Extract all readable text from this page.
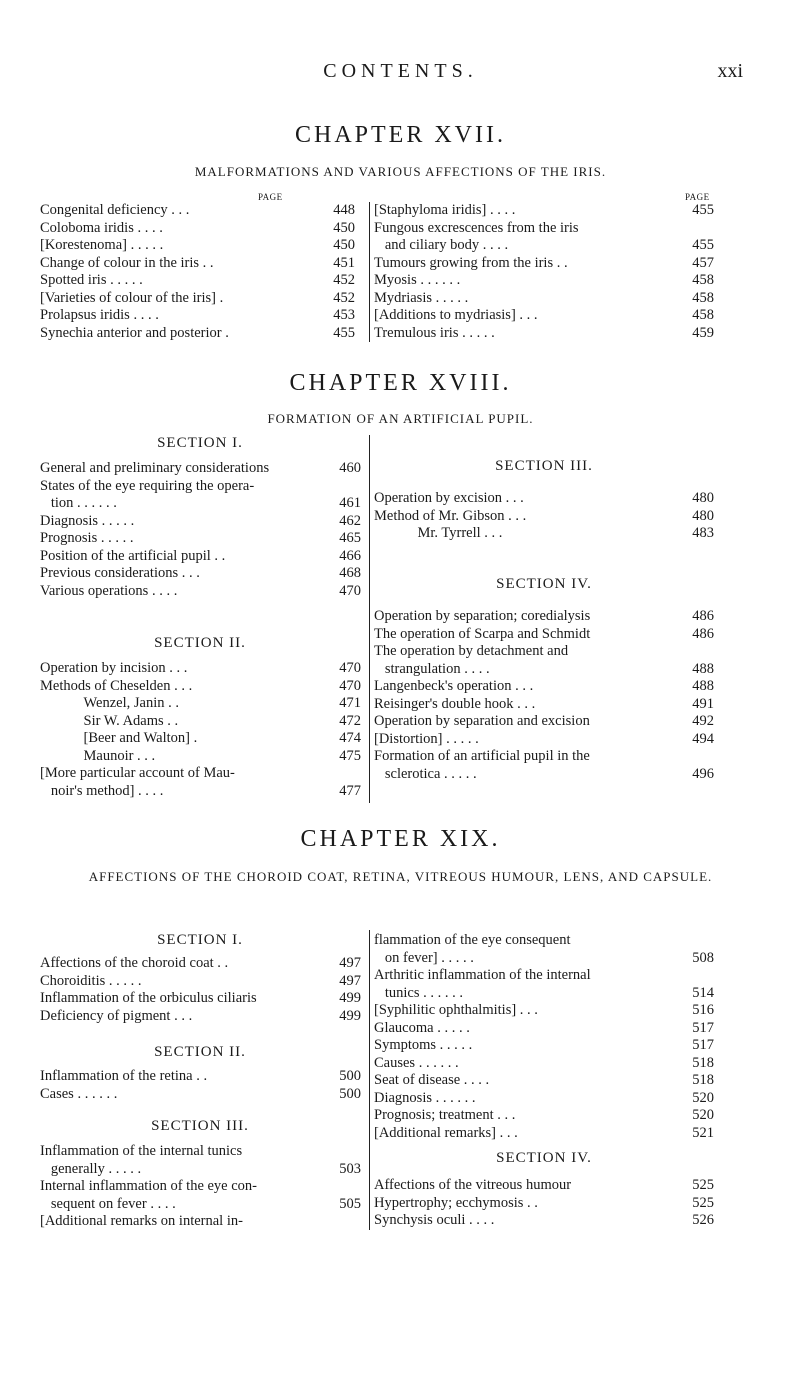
CONTENTS.	xxi
CHAPTER XVII.
MALFORMATIONS AND VARIOUS AFFECTIONS OF THE IRIS.
PAGE	PAGE
Congenital deficiency . . .	448
Coloboma iridis . . . .	450
[Korestenoma] . . . . .	450
Change of colour in the iris . .	451
Spotted iris . . . . .	452
[Varieties of colour of the iris] .	452
Prolapsus iridis . . . .	453
Synechia anterior and posterior .	455
[Staphyloma iridis] . . . .	455
Fungous excrescences from the iris
and ciliary body . . . .	455
Tumours growing from the iris . .	457
Myosis . . . . . .	458
Mydriasis . . . . .	458
[Additions to mydriasis] . . .	458
Tremulous iris . . . . .	459
CHAPTER XVIII.
FORMATION OF AN ARTIFICIAL PUPIL.
SECTION I.
General and preliminary considerations	460
States of the eye requiring the opera-
tion . . . . . .	461
Diagnosis . . . . .	462
Prognosis . . . . .	465
Position of the artificial pupil . .	466
Previous considerations . . .	468
Various operations . . . .	470
SECTION II.
Operation by incision . . .	470
Methods of Cheselden . . .	470
Wenzel, Janin . .	471
Sir W. Adams . .	472
[Beer and Walton] .	474
Maunoir . . .	475
[More particular account of Mau-
noir's method] . . . .	477
SECTION III.
Operation by excision . . .	480
Method of Mr. Gibson . . .	480
Mr. Tyrrell . . .	483
SECTION IV.
Operation by separation; coredialysis	486
The operation of Scarpa and Schmidt	486
The operation by detachment and
strangulation . . . .	488
Langenbeck's operation . . .	488
Reisinger's double hook . . .	491
Operation by separation and excision	492
[Distortion] . . . . .	494
Formation of an artificial pupil in the
sclerotica . . . . .	496
CHAPTER XIX.
AFFECTIONS OF THE CHOROID COAT, RETINA, VITREOUS HUMOUR, LENS, AND CAPSULE.
SECTION I.
Affections of the choroid coat . .	497
Choroiditis . . . . .	497
Inflammation of the orbiculus ciliaris	499
Deficiency of pigment . . .	499
SECTION II.
Inflammation of the retina . .	500
Cases . . . . . .	500
SECTION III.
Inflammation of the internal tunics
generally . . . . .	503
Internal inflammation of the eye con-
sequent on fever . . . .	505
[Additional remarks on internal in-
flammation of the eye consequent
on fever] . . . . .	508
Arthritic inflammation of the internal
tunics . . . . . .	514
[Syphilitic ophthalmitis] . . .	516
Glaucoma . . . . .	517
Symptoms . . . . .	517
Causes . . . . . .	518
Seat of disease . . . .	518
Diagnosis . . . . . .	520
Prognosis; treatment . . .	520
[Additional remarks] . . .	521
SECTION IV.
Affections of the vitreous humour	525
Hypertrophy; ecchymosis . .	525
Synchysis oculi . . . .	526
